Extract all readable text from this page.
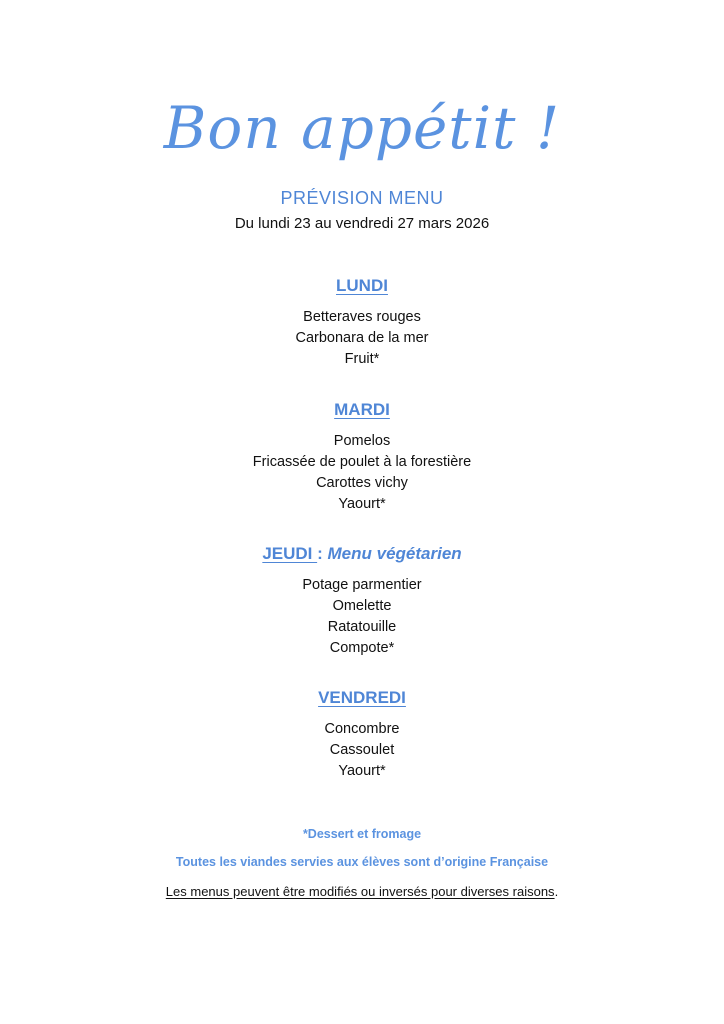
Bon appétit !
PRÉVISION MENU
Du lundi 23 au vendredi 27 mars 2026
LUNDI
Betteraves rouges
Carbonara de la mer
Fruit*
MARDI
Pomelos
Fricassée de poulet à la forestière
Carottes vichy
Yaourt*
JEUDI : Menu végétarien
Potage parmentier
Omelette
Ratatouille
Compote*
VENDREDI
Concombre
Cassoulet
Yaourt*
*Dessert et fromage
Toutes les viandes servies aux élèves sont d’origine Française
Les menus peuvent être modifiés ou inversés pour diverses raisons.
